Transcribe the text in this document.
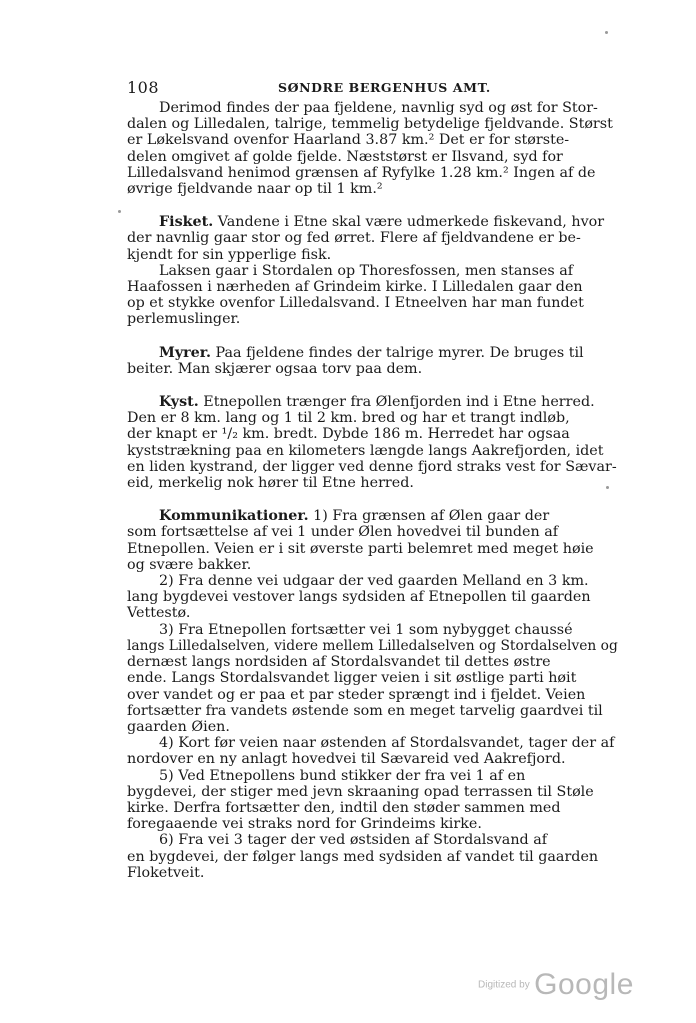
108	SØNDRE BERGENHUS AMT.
Derimod findes der paa fjeldene, navnlig syd og øst for Stor-
dalen og Lilledalen, talrige, temmelig betydelige fjeldvande. Størst
er Løkelsvand ovenfor Haarland 3.87 km.² Det er for største-
delen omgivet af golde fjelde. Næststørst er Ilsvand, syd for
Lilledalsvand henimod grænsen af Ryfylke 1.28 km.² Ingen af de
øvrige fjeldvande naar op til 1 km.²
Fisket. Vandene i Etne skal være udmerkede fiskevand, hvor
der navnlig gaar stor og fed ørret. Flere af fjeldvandene er be-
kjendt for sin ypperlige fisk.
Laksen gaar i Stordalen op Thoresfossen, men stanses af
Haafossen i nærheden af Grindeim kirke. I Lilledalen gaar den
op et stykke ovenfor Lilledalsvand. I Etneelven har man fundet
perlemuslinger.
Myrer. Paa fjeldene findes der talrige myrer. De bruges til
beiter. Man skjærer ogsaa torv paa dem.
Kyst. Etnepollen trænger fra Ølenfjorden ind i Etne herred.
Den er 8 km. lang og 1 til 2 km. bred og har et trangt indløb,
der knapt er ¹/₂ km. bredt. Dybde 186 m. Herredet har ogsaa
kyststrækning paa en kilometers længde langs Aakrefjorden, idet
en liden kystrand, der ligger ved denne fjord straks vest for Sævar-
eid, merkelig nok hører til Etne herred.
Kommunikationer. 1) Fra grænsen af Ølen gaar der
som fortsættelse af vei 1 under Ølen hovedvei til bunden af
Etnepollen. Veien er i sit øverste parti belemret med meget høie
og svære bakker.
2) Fra denne vei udgaar der ved gaarden Melland en 3 km.
lang bygdevei vestover langs sydsiden af Etnepollen til gaarden
Vettestø.
3) Fra Etnepollen fortsætter vei 1 som nybygget chaussé
langs Lilledalselven, videre mellem Lilledalselven og Stordalselven og
dernæst langs nordsiden af Stordalsvandet til dettes østre
ende. Langs Stordalsvandet ligger veien i sit østlige parti høit
over vandet og er paa et par steder sprængt ind i fjeldet. Veien
fortsætter fra vandets østende som en meget tarvelig gaardvei til
gaarden Øien.
4) Kort før veien naar østenden af Stordalsvandet, tager der af
nordover en ny anlagt hovedvei til Sævareid ved Aakrefjord.
5) Ved Etnepollens bund stikker der fra vei 1 af en
bygdevei, der stiger med jevn skraaning opad terrassen til Støle
kirke. Derfra fortsætter den, indtil den støder sammen med
foregaaende vei straks nord for Grindeims kirke.
6) Fra vei 3 tager der ved østsiden af Stordalsvand af
en bygdevei, der følger langs med sydsiden af vandet til gaarden
Floketveit.
Digitized by Google
